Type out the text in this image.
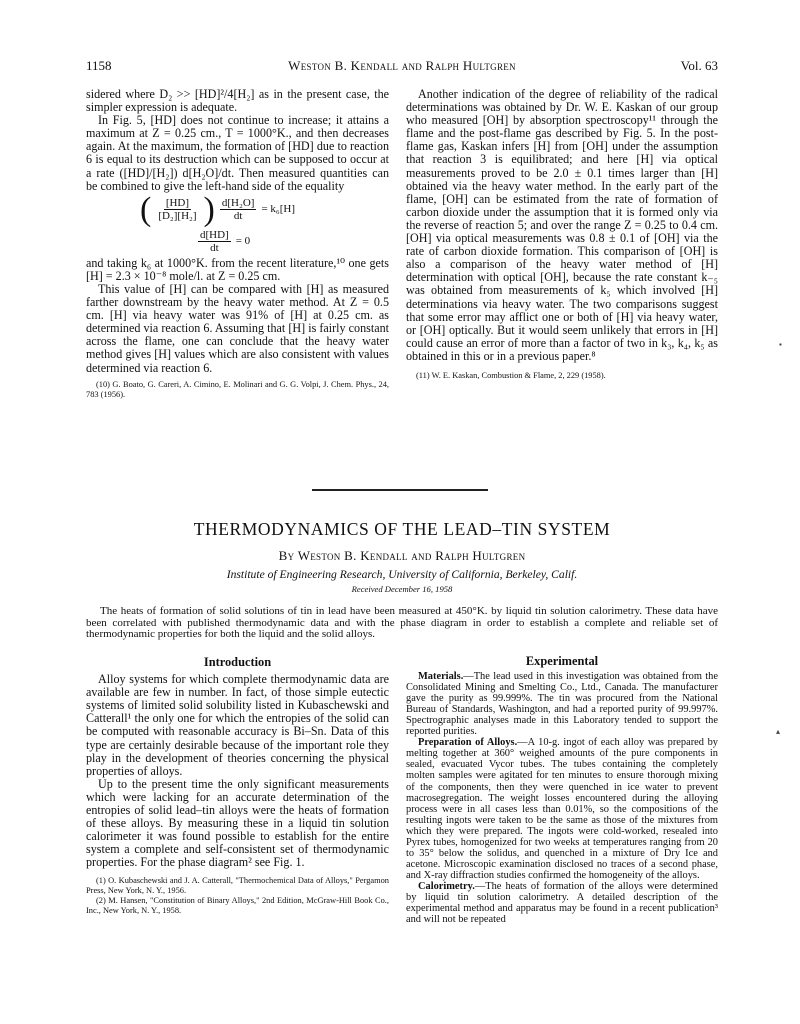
1158	Weston B. Kendall and Ralph Hultgren	Vol. 63

sidered where D₂ >> [HD]²/4[H₂] as in the present case, the simpler expression is adequate.

In Fig. 5, [HD] does not continue to increase; it attains a maximum at Z = 0.25 cm., T = 1000°K., and then decreases again. At the maximum, the formation of [HD] due to reaction 6 is equal to its destruction which can be supposed to occur at a rate ([HD]/[H₂]) d[H₂O]/dt. Then measured quantities can be combined to give the left-hand side of the equality

( $\frac{[HD]}{\text{[D₂][H₂]}}$ ) $\frac{\text{d[H₂O]}}{dt} = k_6[H]$
$\frac{d[HD]}{dt} = 0$

and taking k₆ at 1000°K. from the recent literature,¹⁰ one gets [H] = 2.3 × 10⁻⁸ mole/l. at Z = 0.25 cm.

This value of [H] can be compared with [H] as measured farther downstream by the heavy water method. At Z = 0.5 cm. [H] via heavy water was 91% of [H] at 0.25 cm. as determined via reaction 6. Assuming that [H] is fairly constant across the flame, one can conclude that the heavy water method gives [H] values which are also consistent with values determined via reaction 6.

(10) G. Boato, G. Careri, A. Cimino, E. Molinari and G. G. Volpi, J. Chem. Phys., 24, 783 (1956).

Another indication of the degree of reliability of the radical determinations was obtained by Dr. W. E. Kaskan of our group who measured [OH] by absorption spectroscopy¹¹ through the flame and the post-flame gas described by Fig. 5. In the post-flame gas, Kaskan infers [H] from [OH] under the assumption that reaction 3 is equilibrated; and here [H] via optical measurements proved to be 2.0 ± 0.1 times larger than [H] obtained via the heavy water method. In the early part of the flame, [OH] can be estimated from the rate of formation of carbon dioxide under the assumption that it is formed only via the reverse of reaction 5; and over the range Z = 0.25 to 0.4 cm. [OH] via optical measurements was 0.8 ± 0.1 of [OH] via the rate of carbon dioxide formation. This comparison of [OH] is also a comparison of the heavy water method of [H] determination with optical [OH], because the rate constant k₋₅ was obtained from measurements of k₅ which involved [H] determinations via heavy water. The two comparisons suggest that some error may afflict one or both of [H] via heavy water, or [OH] optically. But it would seem unlikely that errors in [H] could cause an error of more than a factor of two in k₃, k₄, k₅ as obtained in this or in a previous paper.⁸

(11) W. E. Kaskan, Combustion & Flame, 2, 229 (1958).

▪
▴
THERMODYNAMICS OF THE LEAD–TIN SYSTEM
By Weston B. Kendall and Ralph Hultgren
Institute of Engineering Research, University of California, Berkeley, Calif.
Received December 16, 1958
The heats of formation of solid solutions of tin in lead have been measured at 450°K. by liquid tin solution calorimetry. These data have been correlated with published thermodynamic data and with the phase diagram in order to establish a complete and reliable set of thermodynamic properties for both the liquid and the solid alloys.
Introduction

Alloy systems for which complete thermodynamic data are available are few in number. In fact, of those simple eutectic systems of limited solid solubility listed in Kubaschewski and Catterall¹ the only one for which the entropies of the solid can be computed with reasonable accuracy is Bi–Sn. Data of this type are certainly desirable because of the important role they play in the development of theories concerning the physical properties of alloys.

Up to the present time the only significant measurements which were lacking for an accurate determination of the entropies of solid lead–tin alloys were the heats of formation of these alloys. By measuring these in a liquid tin solution calorimeter it was found possible to establish for the entire system a complete and self-consistent set of thermodynamic properties. For the phase diagram² see Fig. 1.

(1) O. Kubaschewski and J. A. Catterall, "Thermochemical Data of Alloys," Pergamon Press, New York, N. Y., 1956.

(2) M. Hansen, "Constitution of Binary Alloys," 2nd Edition, McGraw-Hill Book Co., Inc., New York, N. Y., 1958.

Experimental

Materials.—The lead used in this investigation was obtained from the Consolidated Mining and Smelting Co., Ltd., Canada. The manufacturer gave the purity as 99.999%. The tin was procured from the National Bureau of Standards, Washington, and had a reported purity of 99.997%. Spectrographic analyses made in this Laboratory tended to support the reported purities.

Preparation of Alloys.—A 10-g. ingot of each alloy was prepared by melting together at 360° weighed amounts of the pure components in sealed, evacuated Vycor tubes. The tubes containing the completely molten samples were agitated for ten minutes to ensure thorough mixing of the components, then they were quenched in ice water to prevent macrosegregation. The weight losses encountered during the alloying process were in all cases less than 0.01%, so the compositions of the resulting ingots were taken to be the same as those of the mixtures from which they were prepared. The ingots were cold-worked, resealed into Pyrex tubes, homogenized for two weeks at temperatures ranging from 20 to 35° below the solidus, and quenched in a mixture of Dry Ice and acetone. Microscopic examination disclosed no traces of a second phase, and X-ray diffraction studies confirmed the homogeneity of the alloys.

Calorimetry.—The heats of formation of the alloys were determined by liquid tin solution calorimetry. A detailed description of the experimental method and apparatus may be found in a recent publication³ and will not be repeated
